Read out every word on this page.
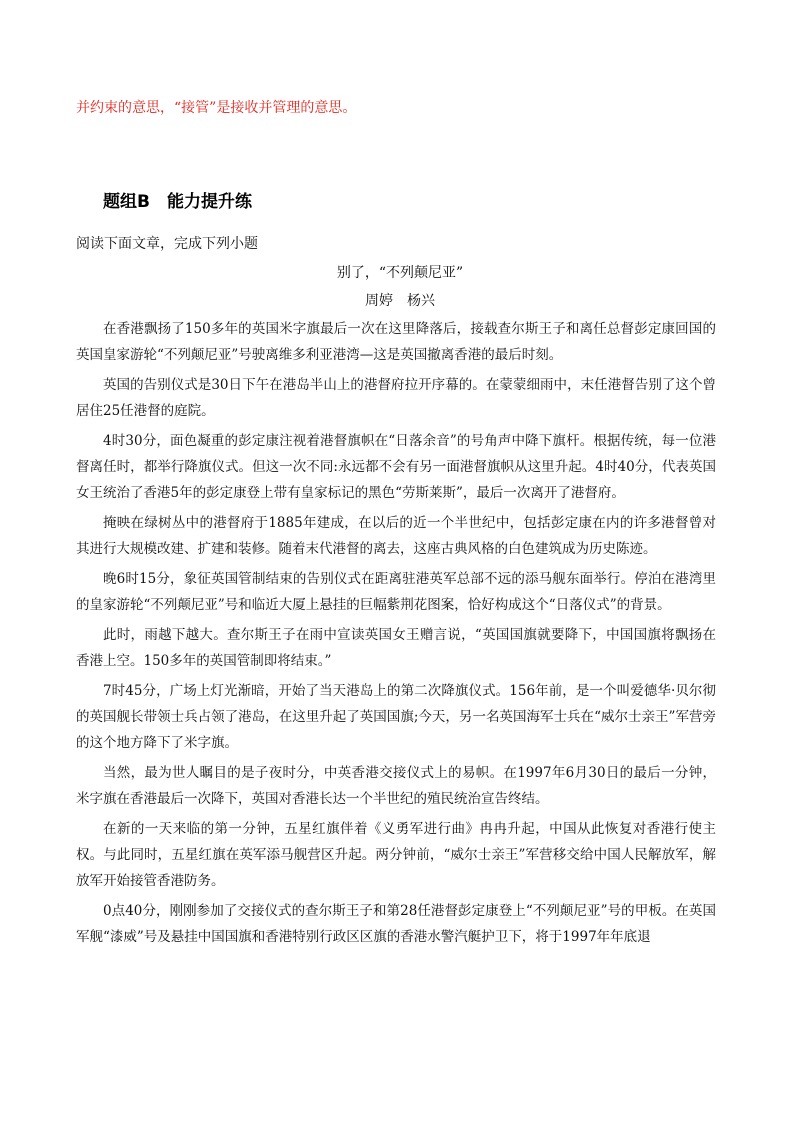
并约束的意思，“接管”是接收并管理的意思。
题组B　能力提升练
阅读下面文章，完成下列小题
别了，“不列颠尼亚”
周婷　杨兴

在香港飘扬了150多年的英国米字旗最后一次在这里降落后，接载查尔斯王子和离任总督彭定康回国的英国皇家游轮“不列颠尼亚”号驶离维多利亚港湾—这是英国撤离香港的最后时刻。

英国的告别仪式是30日下午在港岛半山上的港督府拉开序幕的。在蒙蒙细雨中，末任港督告别了这个曾居住25任港督的庭院。

4时30分，面色凝重的彭定康注视着港督旗帜在“日落余音”的号角声中降下旗杆。根据传统，每一位港督离任时，都举行降旗仪式。但这一次不同:永远都不会有另一面港督旗帜从这里升起。4时40分，代表英国女王统治了香港5年的彭定康登上带有皇家标记的黑色“劳斯莱斯”，最后一次离开了港督府。

掩映在绿树丛中的港督府于1885年建成，在以后的近一个半世纪中，包括彭定康在内的许多港督曾对其进行大规模改建、扩建和装修。随着末代港督的离去，这座古典风格的白色建筑成为历史陈迹。

晚6时15分，象征英国管制结束的告别仪式在距离驻港英军总部不远的添马舰东面举行。停泊在港湾里的皇家游轮“不列颠尼亚”号和临近大厦上悬挂的巨幅紫荆花图案，恰好构成这个“日落仪式”的背景。

此时，雨越下越大。查尔斯王子在雨中宣读英国女王赠言说，“英国国旗就要降下，中国国旗将飘扬在香港上空。150多年的英国管制即将结束。”

7时45分，广场上灯光渐暗，开始了当天港岛上的第二次降旗仪式。156年前，是一个叫爱德华·贝尔彻的英国舰长带领士兵占领了港岛，在这里升起了英国国旗;今天，另一名英国海军士兵在“威尔士亲王”军营旁的这个地方降下了米字旗。

当然，最为世人瞩目的是子夜时分，中英香港交接仪式上的易帜。在1997年6月30日的最后一分钟，米字旗在香港最后一次降下，英国对香港长达一个半世纪的殖民统治宣告终结。

在新的一天来临的第一分钟，五星红旗伴着《义勇军进行曲》冉冉升起，中国从此恢复对香港行使主权。与此同时，五星红旗在英军添马舰营区升起。两分钟前，“威尔士亲王”军营移交给中国人民解放军，解放军开始接管香港防务。

0点40分，刚刚参加了交接仪式的查尔斯王子和第28任港督彭定康登上“不列颠尼亚”号的甲板。在英国军舰“漆威”号及悬挂中国国旗和香港特别行政区区旗的香港水警汽艇护卫下，将于1997年年底退
